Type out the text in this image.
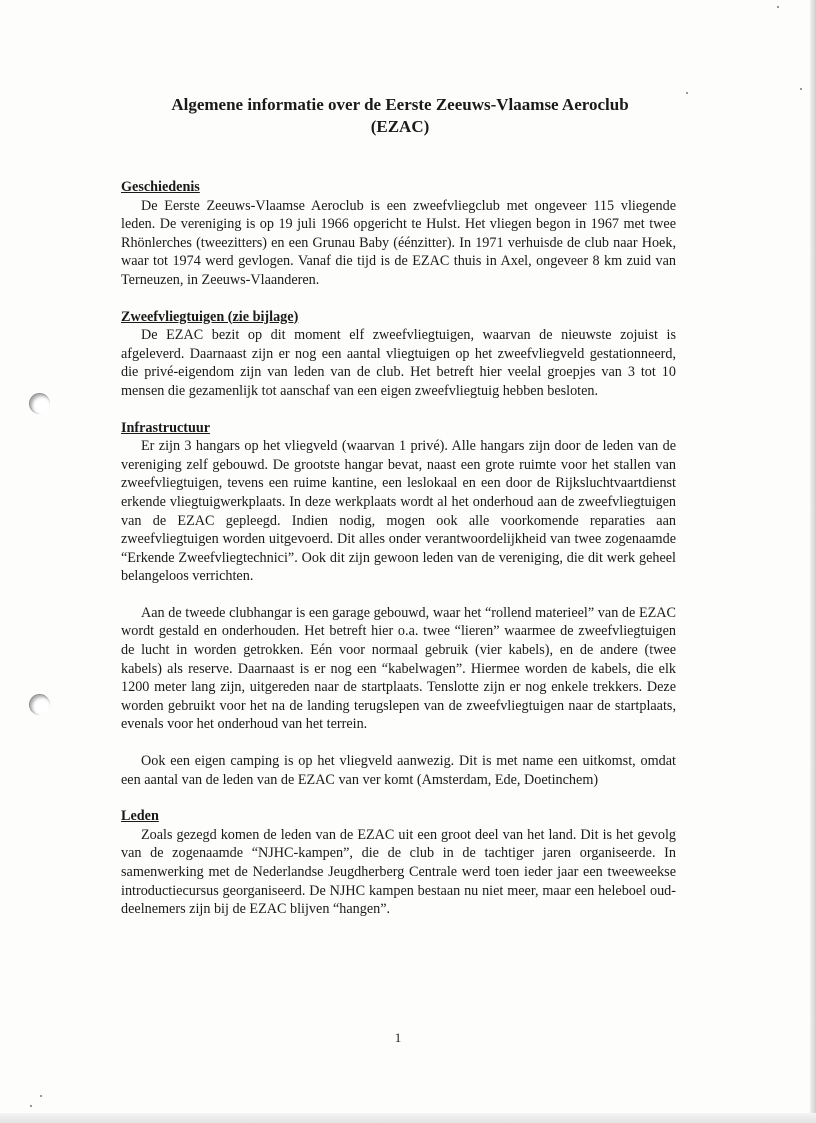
Algemene informatie over de Eerste Zeeuws-Vlaamse Aeroclub
(EZAC)

Geschiedenis

De Eerste Zeeuws-Vlaamse Aeroclub is een zweefvliegclub met ongeveer 115 vliegende leden. De vereniging is op 19 juli 1966 opgericht te Hulst. Het vliegen begon in 1967 met twee Rhönlerches (tweezitters) en een Grunau Baby (éénzitter). In 1971 verhuisde de club naar Hoek, waar tot 1974 werd gevlogen. Vanaf die tijd is de EZAC thuis in Axel, ongeveer 8 km zuid van Terneuzen, in Zeeuws-Vlaanderen.

Zweefvliegtuigen (zie bijlage)

De EZAC bezit op dit moment elf zweefvliegtuigen, waarvan de nieuwste zojuist is afgeleverd. Daarnaast zijn er nog een aantal vliegtuigen op het zweefvliegveld gestationneerd, die privé-eigendom zijn van leden van de club. Het betreft hier veelal groepjes van 3 tot 10 mensen die gezamenlijk tot aanschaf van een eigen zweefvliegtuig hebben besloten.

Infrastructuur

Er zijn 3 hangars op het vliegveld (waarvan 1 privé). Alle hangars zijn door de leden van de vereniging zelf gebouwd. De grootste hangar bevat, naast een grote ruimte voor het stallen van zweefvliegtuigen, tevens een ruime kantine, een leslokaal en een door de Rijksluchtvaartdienst erkende vliegtuigwerkplaats. In deze werkplaats wordt al het onderhoud aan de zweefvliegtuigen van de EZAC gepleegd. Indien nodig, mogen ook alle voorkomende reparaties aan zweefvliegtuigen worden uitgevoerd. Dit alles onder verantwoordelijkheid van twee zogenaamde “Erkende Zweefvliegtechnici”. Ook dit zijn gewoon leden van de vereniging, die dit werk geheel belangeloos verrichten.

Aan de tweede clubhangar is een garage gebouwd, waar het “rollend materieel” van de EZAC wordt gestald en onderhouden. Het betreft hier o.a. twee “lieren” waarmee de zweefvliegtuigen de lucht in worden getrokken. Eén voor normaal gebruik (vier kabels), en de andere (twee kabels) als reserve. Daarnaast is er nog een “kabelwagen”. Hiermee worden de kabels, die elk 1200 meter lang zijn, uitgereden naar de startplaats. Tenslotte zijn er nog enkele trekkers. Deze worden gebruikt voor het na de landing terugslepen van de zweefvliegtuigen naar de startplaats, evenals voor het onderhoud van het terrein.

Ook een eigen camping is op het vliegveld aanwezig. Dit is met name een uitkomst, omdat een aantal van de leden van de EZAC van ver komt (Amsterdam, Ede, Doetinchem)

Leden

Zoals gezegd komen de leden van de EZAC uit een groot deel van het land. Dit is het gevolg van de zogenaamde “NJHC-kampen”, die de club in de tachtiger jaren organiseerde. In samenwerking met de Nederlandse Jeugdherberg Centrale werd toen ieder jaar een tweeweekse introductiecursus georganiseerd. De NJHC kampen bestaan nu niet meer, maar een heleboel oud-deelnemers zijn bij de EZAC blijven “hangen”.

1
